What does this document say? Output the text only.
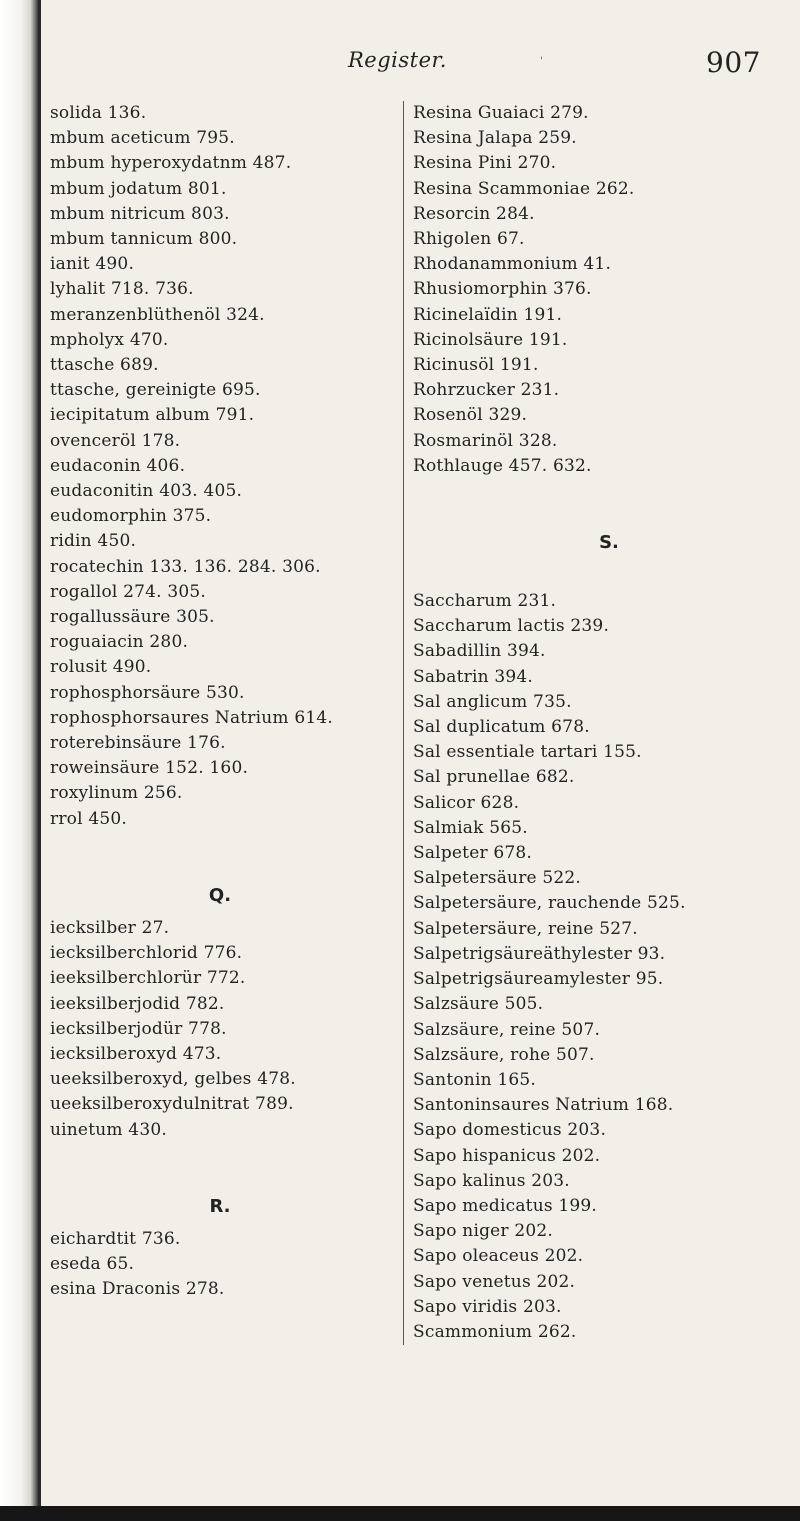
Register.	'	907
solida 136.
mbum aceticum 795.
mbum hyperoxydatnm 487.
mbum jodatum 801.
mbum nitricum 803.
mbum tannicum 800.
ianit 490.
lyhalit 718. 736.
meranzenblüthenöl 324.
mpholyx 470.
ttasche 689.
ttasche, gereinigte 695.
iecipitatum album 791.
ovenceröl 178.
eudaconin 406.
eudaconitin 403. 405.
eudomorphin 375.
ridin 450.
rocatechin 133. 136. 284. 306.
rogallol 274. 305.
rogallussäure 305.
roguaiacin 280.
rolusit 490.
rophosphorsäure 530.
rophosphorsaures Natrium 614.
roterebinsäure 176.
roweinsäure 152. 160.
roxylinum 256.
rrol 450.
Q.
iecksilber 27.
iecksilberchlorid 776.
ieeksilberchlorür 772.
ieeksilberjodid 782.
iecksilberjodür 778.
iecksilberoxyd 473.
ueeksilberoxyd, gelbes 478.
ueeksilberoxydulnitrat 789.
uinetum 430.
R.
eichardtit 736.
eseda 65.
esina Draconis 278.
Resina Guaiaci 279.
Resina Jalapa 259.
Resina Pini 270.
Resina Scammoniae 262.
Resorcin 284.
Rhigolen 67.
Rhodanammonium 41.
Rhusiomorphin 376.
Ricinelaïdin 191.
Ricinolsäure 191.
Ricinusöl 191.
Rohrzucker 231.
Rosenöl 329.
Rosmarinöl 328.
Rothlauge 457. 632.
S.
Saccharum 231.
Saccharum lactis 239.
Sabadillin 394.
Sabatrin 394.
Sal anglicum 735.
Sal duplicatum 678.
Sal essentiale tartari 155.
Sal prunellae 682.
Salicor 628.
Salmiak 565.
Salpeter 678.
Salpetersäure 522.
Salpetersäure, rauchende 525.
Salpetersäure, reine 527.
Salpetrigsäureäthylester 93.
Salpetrigsäureamylester 95.
Salzsäure 505.
Salzsäure, reine 507.
Salzsäure, rohe 507.
Santonin 165.
Santoninsaures Natrium 168.
Sapo domesticus 203.
Sapo hispanicus 202.
Sapo kalinus 203.
Sapo medicatus 199.
Sapo niger 202.
Sapo oleaceus 202.
Sapo venetus 202.
Sapo viridis 203.
Scammonium 262.
